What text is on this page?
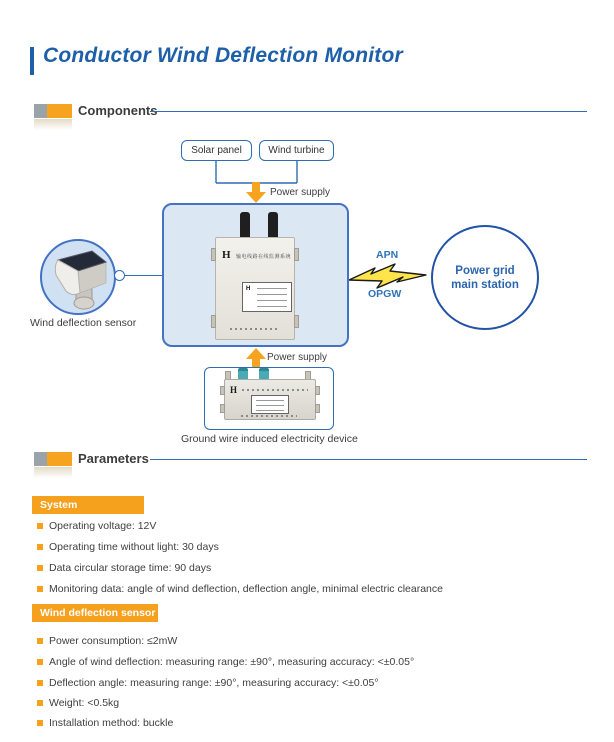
Conductor Wind Deflection Monitor
Components
Solar panel	Wind turbine
Power supply
H 输电线路在线监测系统
H
Wind deflection sensor
APN
OPGW
Power grid
main station
Power supply
H
Ground wire induced electricity device
Parameters
System
Operating voltage: 12V
Operating time without light: 30 days
Data circular storage time: 90 days
Monitoring data: angle of wind deflection, deflection angle, minimal electric clearance
Wind deflection sensor
Power consumption: ≤2mW
Angle of wind deflection: measuring range: ±90°, measuring accuracy: <±0.05°
Deflection angle: measuring range: ±90°, measuring accuracy: <±0.05°
Weight: <0.5kg
Installation method: buckle
